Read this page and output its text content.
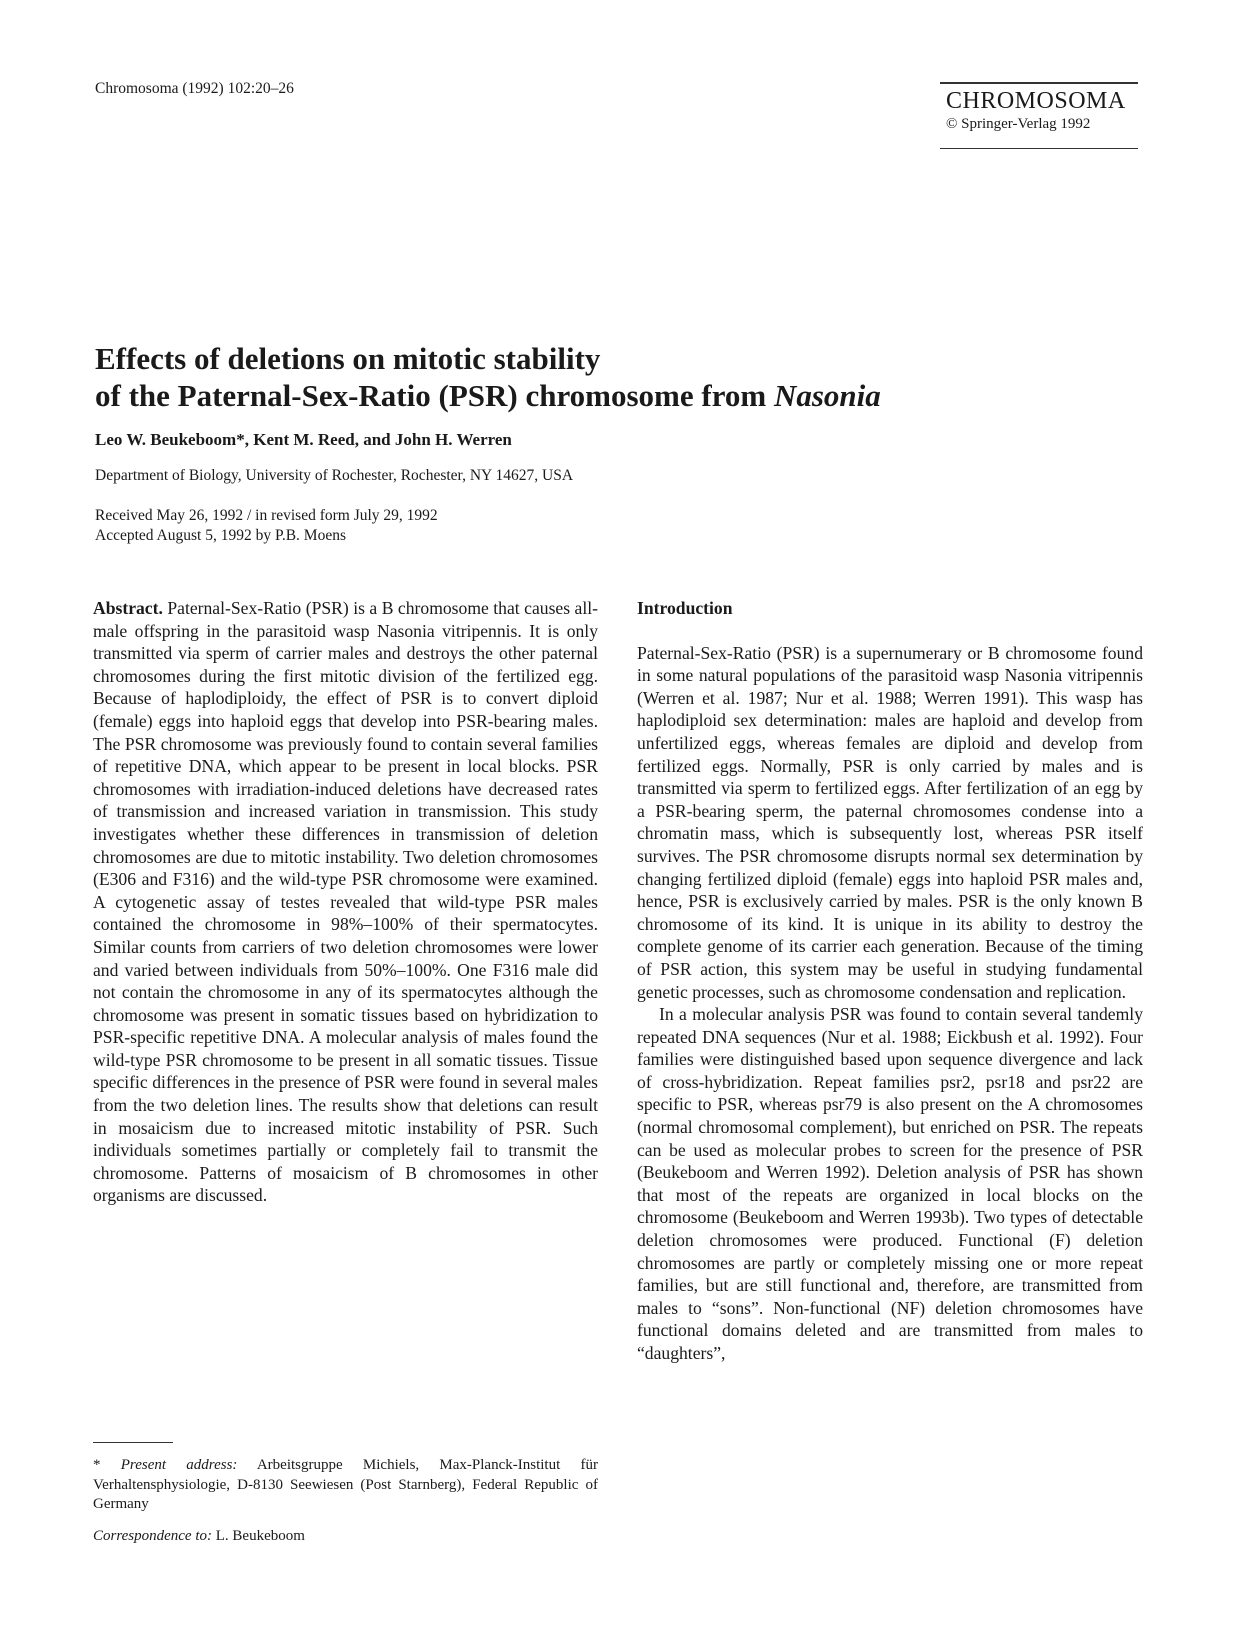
Chromosoma (1992) 102:20–26	CHROMOSOMA
© Springer-Verlag 1992
Effects of deletions on mitotic stability
of the Paternal-Sex-Ratio (PSR) chromosome from Nasonia
Leo W. Beukeboom*, Kent M. Reed, and John H. Werren
Department of Biology, University of Rochester, Rochester, NY 14627, USA
Received May 26, 1992 / in revised form July 29, 1992
Accepted August 5, 1992 by P.B. Moens

Abstract. Paternal-Sex-Ratio (PSR) is a B chromosome that causes all-male offspring in the parasitoid wasp Nasonia vitripennis. It is only transmitted via sperm of carrier males and destroys the other paternal chromosomes during the first mitotic division of the fertilized egg. Because of haplodiploidy, the effect of PSR is to convert diploid (female) eggs into haploid eggs that develop into PSR-bearing males. The PSR chromosome was previously found to contain several families of repetitive DNA, which appear to be present in local blocks. PSR chromosomes with irradiation-induced deletions have decreased rates of transmission and increased variation in transmission. This study investigates whether these differences in transmission of deletion chromosomes are due to mitotic instability. Two deletion chromosomes (E306 and F316) and the wild-type PSR chromosome were examined. A cytogenetic assay of testes revealed that wild-type PSR males contained the chromosome in 98%–100% of their spermatocytes. Similar counts from carriers of two deletion chromosomes were lower and varied between individuals from 50%–100%. One F316 male did not contain the chromosome in any of its spermatocytes although the chromosome was present in somatic tissues based on hybridization to PSR-specific repetitive DNA. A molecular analysis of males found the wild-type PSR chromosome to be present in all somatic tissues. Tissue specific differences in the presence of PSR were found in several males from the two deletion lines. The results show that deletions can result in mosaicism due to increased mitotic instability of PSR. Such individuals sometimes partially or completely fail to transmit the chromosome. Patterns of mosaicism of B chromosomes in other organisms are discussed.

Introduction

Paternal-Sex-Ratio (PSR) is a supernumerary or B chromosome found in some natural populations of the parasitoid wasp Nasonia vitripennis (Werren et al. 1987; Nur et al. 1988; Werren 1991). This wasp has haplodiploid sex determination: males are haploid and develop from unfertilized eggs, whereas females are diploid and develop from fertilized eggs. Normally, PSR is only carried by males and is transmitted via sperm to fertilized eggs. After fertilization of an egg by a PSR-bearing sperm, the paternal chromosomes condense into a chromatin mass, which is subsequently lost, whereas PSR itself survives. The PSR chromosome disrupts normal sex determination by changing fertilized diploid (female) eggs into haploid PSR males and, hence, PSR is exclusively carried by males. PSR is the only known B chromosome of its kind. It is unique in its ability to destroy the complete genome of its carrier each generation. Because of the timing of PSR action, this system may be useful in studying fundamental genetic processes, such as chromosome condensation and replication.

In a molecular analysis PSR was found to contain several tandemly repeated DNA sequences (Nur et al. 1988; Eickbush et al. 1992). Four families were distinguished based upon sequence divergence and lack of cross-hybridization. Repeat families psr2, psr18 and psr22 are specific to PSR, whereas psr79 is also present on the A chromosomes (normal chromosomal complement), but enriched on PSR. The repeats can be used as molecular probes to screen for the presence of PSR (Beukeboom and Werren 1992). Deletion analysis of PSR has shown that most of the repeats are organized in local blocks on the chromosome (Beukeboom and Werren 1993b). Two types of detectable deletion chromosomes were produced. Functional (F) deletion chromosomes are partly or completely missing one or more repeat families, but are still functional and, therefore, are transmitted from males to “sons”. Non-functional (NF) deletion chromosomes have functional domains deleted and are transmitted from males to “daughters”,

* Present address: Arbeitsgruppe Michiels, Max-Planck-Institut für Verhaltensphysiologie, D-8130 Seewiesen (Post Starnberg), Federal Republic of Germany
Correspondence to: L. Beukeboom
